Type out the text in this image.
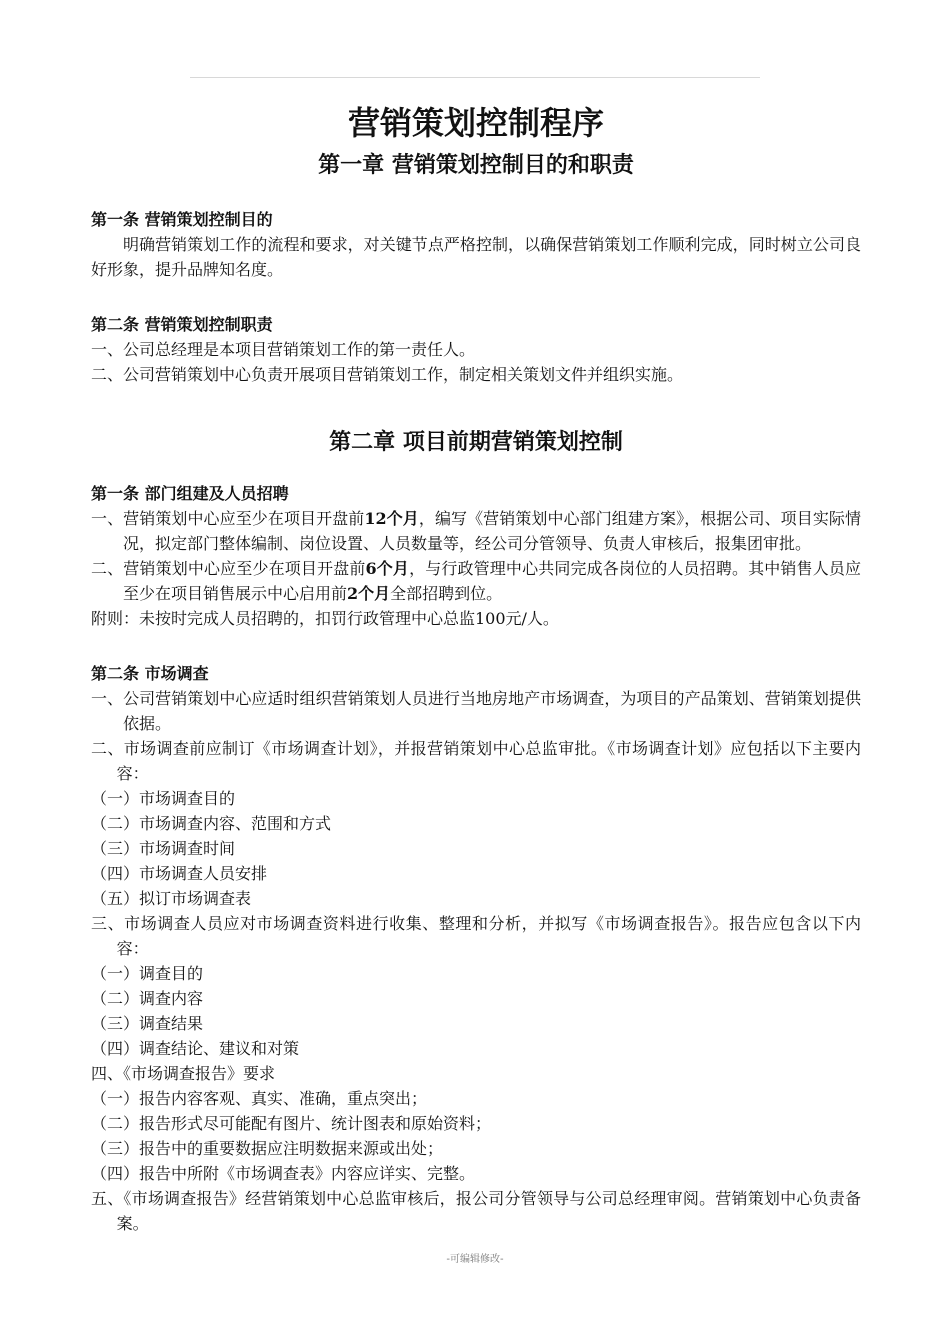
营销策划控制程序
第一章 营销策划控制目的和职责

第一条 营销策划控制目的

明确营销策划工作的流程和要求，对关键节点严格控制，以确保营销策划工作顺利完成，同时树立公司良好形象，提升品牌知名度。

第二条 营销策划控制职责

一、公司总经理是本项目营销策划工作的第一责任人。

二、公司营销策划中心负责开展项目营销策划工作，制定相关策划文件并组织实施。

第二章 项目前期营销策划控制

第一条 部门组建及人员招聘

一、营销策划中心应至少在项目开盘前12个月，编写《营销策划中心部门组建方案》，根据公司、项目实际情况，拟定部门整体编制、岗位设置、人员数量等，经公司分管领导、负责人审核后，报集团审批。

二、营销策划中心应至少在项目开盘前6个月，与行政管理中心共同完成各岗位的人员招聘。其中销售人员应至少在项目销售展示中心启用前2个月全部招聘到位。

附则：未按时完成人员招聘的，扣罚行政管理中心总监100元/人。

第二条 市场调查

一、公司营销策划中心应适时组织营销策划人员进行当地房地产市场调查，为项目的产品策划、营销策划提供依据。

二、市场调查前应制订《市场调查计划》，并报营销策划中心总监审批。《市场调查计划》应包括以下主要内容：

（一）市场调查目的

（二）市场调查内容、范围和方式

（三）市场调查时间

（四）市场调查人员安排

（五）拟订市场调查表

三、市场调查人员应对市场调查资料进行收集、整理和分析，并拟写《市场调查报告》。报告应包含以下内容：

（一）调查目的

（二）调查内容

（三）调查结果

（四）调查结论、建议和对策

四、《市场调查报告》要求

（一）报告内容客观、真实、准确，重点突出；

（二）报告形式尽可能配有图片、统计图表和原始资料；

（三）报告中的重要数据应注明数据来源或出处；

（四）报告中所附《市场调查表》内容应详实、完整。

五、《市场调查报告》经营销策划中心总监审核后，报公司分管领导与公司总经理审阅。营销策划中心负责备案。

-可编辑修改-
